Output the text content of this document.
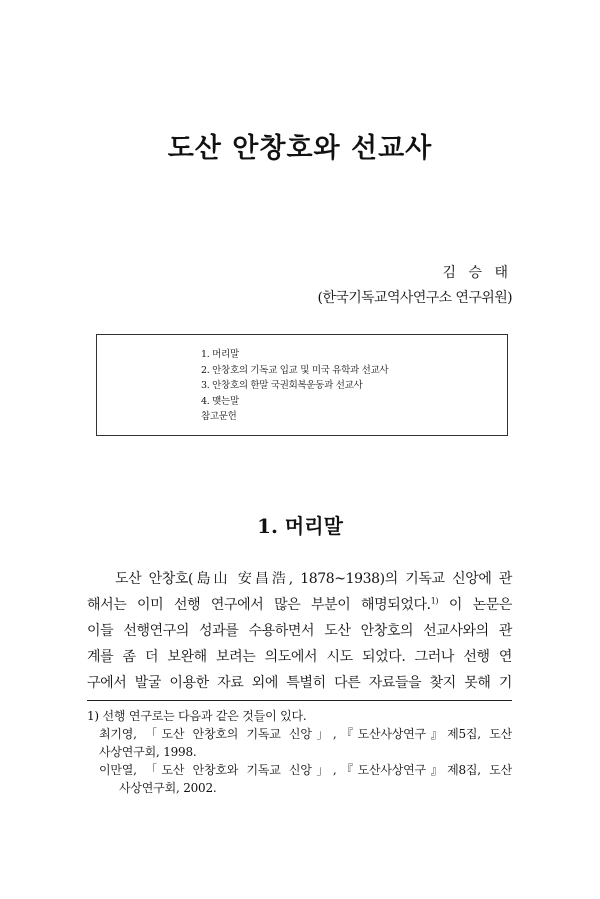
도산 안창호와 선교사
김 승 태
(한국기독교역사연구소 연구위원)
1. 머리말
2. 안창호의 기독교 입교 및 미국 유학과 선교사
3. 안창호의 한말 국권회복운동과 선교사
4. 맺는말
참고문헌
1. 머리말
도산 안창호(島山 安昌浩, 1878~1938)의 기독교 신앙에 관
해서는 이미 선행 연구에서 많은 부분이 해명되었다.$^{1)}$ 이 논문은
이들 선행연구의 성과를 수용하면서 도산 안창호의 선교사와의 관
계를 좀 더 보완해 보려는 의도에서 시도 되었다. 그러나 선행 연
구에서 발굴 이용한 자료 외에 특별히 다른 자료들을 찾지 못해 기
1) 선행 연구로는 다음과 같은 것들이 있다.
최기영, 「도산 안창호의 기독교 신앙」,『도산사상연구』제5집, 도산
사상연구회, 1998.
이만열, 「도산 안창호와 기독교 신앙」,『도산사상연구』제8집, 도산
사상연구회, 2002.
